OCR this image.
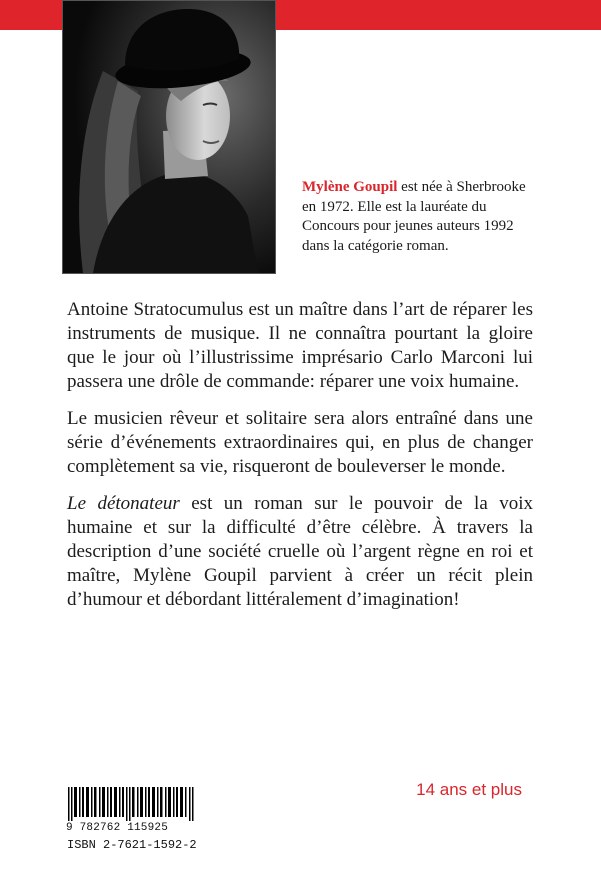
Mylène Goupil est née à Sherbrooke en 1972. Elle est la lauréate du Concours pour jeunes auteurs 1992 dans la catégorie roman.

Antoine Stratocumulus est un maître dans l’art de réparer les instruments de musique. Il ne connaîtra pourtant la gloire que le jour où l’illustrissime imprésario Carlo Marconi lui passera une drôle de commande: réparer une voix humaine.

Le musicien rêveur et solitaire sera alors entraîné dans une série d’événements extraordinaires qui, en plus de changer complètement sa vie, risqueront de bouleverser le monde.

Le détonateur est un roman sur le pouvoir de la voix humaine et sur la difficulté d’être célèbre. À travers la description d’une société cruelle où l’argent règne en roi et maître, Mylène Goupil parvient à créer un récit plein d’humour et débordant littéralement d’imagination!

14 ans et plus
9 782762 115925
ISBN 2-7621-1592-2
